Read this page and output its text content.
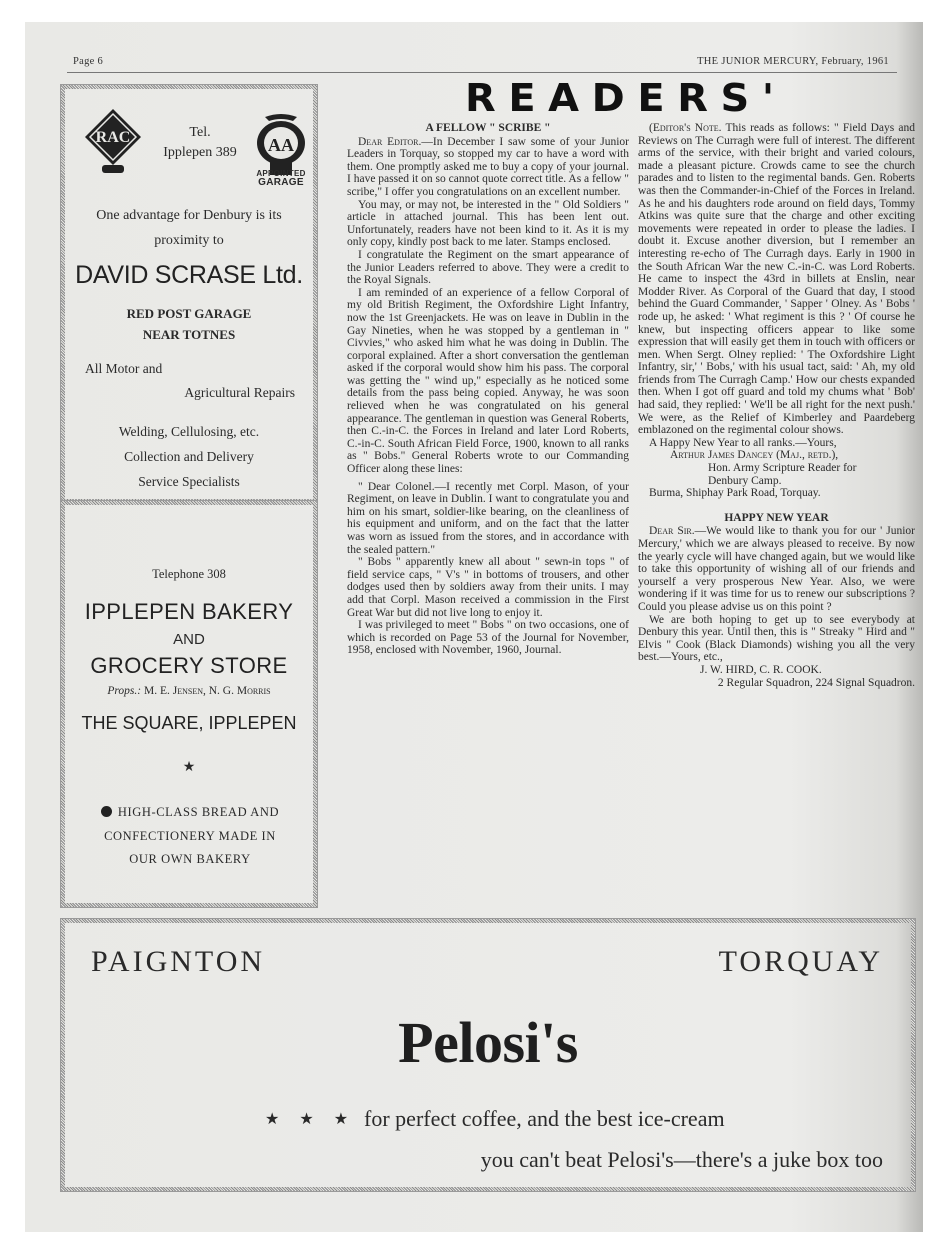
Page 6	THE JUNIOR MERCURY, February, 1961
RAC	Tel.
Ipplepen 389	AA
APPOINTED
GARAGE
One advantage for Denbury is its
proximity to
DAVID SCRASE Ltd.
RED POST GARAGE
NEAR TOTNES
All Motor and
Agricultural Repairs
Welding, Cellulosing, etc.
Collection and Delivery
Service Specialists
Telephone 308
IPPLEPEN BAKERY
AND
GROCERY STORE
Props.: M. E. Jensen, N. G. Morris
THE SQUARE, IPPLEPEN
★
HIGH-CLASS BREAD AND
CONFECTIONERY MADE IN
OUR OWN BAKERY
READERS'

A FELLOW " SCRIBE "

Dear Editor.—In December I saw some of your Junior Leaders in Torquay, so stopped my car to have a word with them. One promptly asked me to buy a copy of your journal. I have passed it on so cannot quote correct title. As a fellow " scribe," I offer you congratulations on an excellent number.

You may, or may not, be interested in the " Old Soldiers " article in attached journal. This has been lent out. Unfortunately, readers have not been kind to it. As it is my only copy, kindly post back to me later. Stamps enclosed.

I congratulate the Regiment on the smart appearance of the Junior Leaders referred to above. They were a credit to the Royal Signals.

I am reminded of an experience of a fellow Corporal of my old British Regiment, the Oxfordshire Light Infantry, now the 1st Greenjackets. He was on leave in Dublin in the Gay Nineties, when he was stopped by a gentleman in " Civvies," who asked him what he was doing in Dublin. The corporal explained. After a short conversation the gentleman asked if the corporal would show him his pass. The corporal was getting the " wind up," especially as he noticed some details from the pass being copied. Anyway, he was soon relieved when he was congratulated on his general appearance. The gentleman in question was General Roberts, then C.-in-C. the Forces in Ireland and later Lord Roberts, C.-in-C. South African Field Force, 1900, known to all ranks as " Bobs." General Roberts wrote to our Commanding Officer along these lines:

" Dear Colonel.—I recently met Corpl. Mason, of your Regiment, on leave in Dublin. I want to congratulate you and him on his smart, soldier-like bearing, on the cleanliness of his equipment and uniform, and on the fact that the latter was worn as issued from the stores, and in accordance with the sealed pattern."

" Bobs " apparently knew all about " sewn-in tops " of field service caps, " V's " in bottoms of trousers, and other dodges used then by soldiers away from their units. I may add that Corpl. Mason received a commission in the First Great War but did not live long to enjoy it.

I was privileged to meet " Bobs " on two occasions, one of which is recorded on Page 53 of the Journal for November, 1958, enclosed with November, 1960, Journal.

(Editor's Note. This reads as follows: " Field Days and Reviews on The Curragh were full of interest. The different arms of the service, with their bright and varied colours, made a pleasant picture. Crowds came to see the church parades and to listen to the regimental bands. Gen. Roberts was then the Commander-in-Chief of the Forces in Ireland. As he and his daughters rode around on field days, Tommy Atkins was quite sure that the charge and other exciting movements were repeated in order to please the ladies. I doubt it. Excuse another diversion, but I remember an interesting re-echo of The Curragh days. Early in 1900 in the South African War the new C.-in-C. was Lord Roberts. He came to inspect the 43rd in billets at Enslin, near Modder River. As Corporal of the Guard that day, I stood behind the Guard Commander, ' Sapper ' Olney. As ' Bobs ' rode up, he asked: ' What regiment is this ? ' Of course he knew, but inspecting officers appear to like some expression that will easily get them in touch with officers or men. When Sergt. Olney replied: ' The Oxfordshire Light Infantry, sir,' ' Bobs,' with his usual tact, said: ' Ah, my old friends from The Curragh Camp.' How our chests expanded then. When I got off guard and told my chums what ' Bob' had said, they replied: ' We'll be all right for the next push.' We were, as the Relief of Kimberley and Paardeberg emblazoned on the regimental colour shows.

A Happy New Year to all ranks.—Yours,

Arthur James Dancey (Maj., retd.),

Hon. Army Scripture Reader for

Denbury Camp.

Burma, Shiphay Park Road, Torquay.

HAPPY NEW YEAR

Dear Sir.—We would like to thank you for our ' Junior Mercury,' which we are always pleased to receive. By now the yearly cycle will have changed again, but we would like to take this opportunity of wishing all of our friends and yourself a very prosperous New Year. Also, we were wondering if it was time for us to renew our subscriptions ? Could you please advise us on this point ?

We are both hoping to get up to see everybody at Denbury this year. Until then, this is " Streaky " Hird and " Elvis " Cook (Black Diamonds) wishing you all the very best.—Yours, etc.,

J. W. HIRD, C. R. COOK.

2 Regular Squadron, 224 Signal Squadron.

PAIGNTON	TORQUAY
Pelosi's
★ ★ ★ for perfect coffee, and the best ice-cream
you can't beat Pelosi's—there's a juke box too
